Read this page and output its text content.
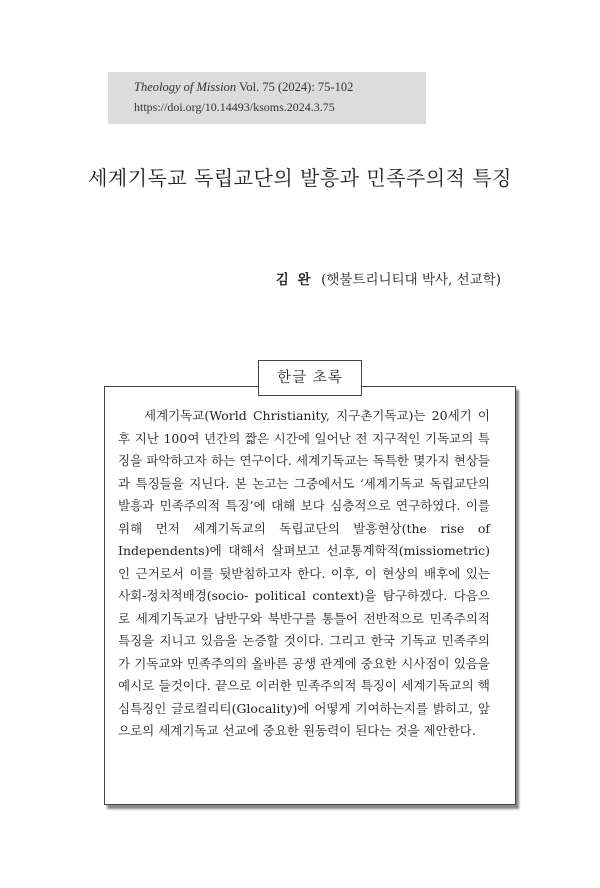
Theology of Mission Vol. 75 (2024): 75-102
https://doi.org/10.14493/ksoms.2024.3.75
세계기독교 독립교단의 발흥과 민족주의적 특징
김 완 (햇불트리니티대 박사, 선교학)
한글 초록

세계기독교(World Christianity, 지구촌기독교)는 20세기 이후 지난 100여 년간의 짧은 시간에 일어난 전 지구적인 기독교의 특징을 파악하고자 하는 연구이다. 세계기독교는 독특한 몇가지 현상들과 특징들을 지닌다. 본 논고는 그중에서도 ‘세계기독교 독립교단의 발흥과 민족주의적 특징’에 대해 보다 심층적으로 연구하였다. 이를 위해 먼저 세계기독교의 독립교단의 발흥현상(the rise of Independents)에 대해서 살펴보고 선교통계학적(missiometric)인 근거로서 이를 뒷받침하고자 한다. 이후, 이 현상의 배후에 있는 사회-정치적배경(socio- political context)을 탐구하겠다. 다음으로 세계기독교가 남반구와 북반구를 통틀어 전반적으로 민족주의적 특징을 지니고 있음을 논증할 것이다. 그리고 한국 기독교 민족주의가 기독교와 민족주의의 올바른 공생 관계에 중요한 시사점이 있음을 예시로 들것이다. 끝으로 이러한 민족주의적 특징이 세계기독교의 핵심특징인 글로컬리티(Glocality)에 어떻게 기여하는지를 밝히고, 앞으로의 세계기독교 선교에 중요한 원동력이 된다는 것을 제안한다.
